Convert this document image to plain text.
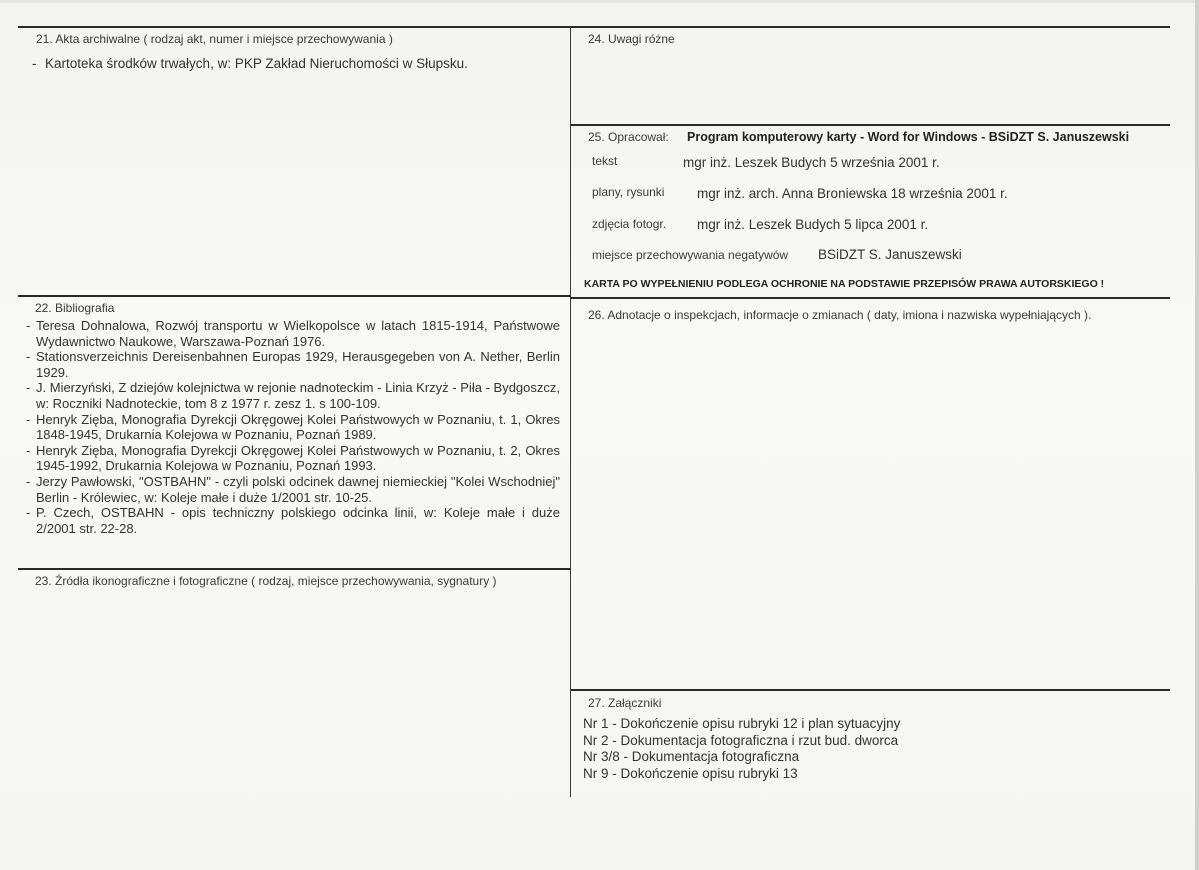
21. Akta archiwalne ( rodzaj akt, numer i miejsce przechowywania )
- Kartoteka środków trwałych, w: PKP Zakład Nieruchomości w Słupsku.
22. Bibliografia
- Teresa Dohnalowa, Rozwój transportu w Wielkopolsce w latach 1815-1914, Państwowe Wydawnictwo Naukowe, Warszawa-Poznań 1976.
- Stationsverzeichnis Dereisenbahnen Europas 1929, Herausgegeben von A. Nether, Berlin 1929.
- J. Mierzyński, Z dziejów kolejnictwa w rejonie nadnoteckim - Linia Krzyż - Piła - Bydgoszcz, w: Roczniki Nadnoteckie, tom 8 z 1977 r. zesz 1. s 100-109.
- Henryk Zięba, Monografia Dyrekcji Okręgowej Kolei Państwowych w Poznaniu, t. 1, Okres 1848-1945, Drukarnia Kolejowa w Poznaniu, Poznań 1989.
- Henryk Zięba, Monografia Dyrekcji Okręgowej Kolei Państwowych w Poznaniu, t. 2, Okres 1945-1992, Drukarnia Kolejowa w Poznaniu, Poznań 1993.
- Jerzy Pawłowski, "OSTBAHN" - czyli polski odcinek dawnej niemieckiej "Kolei Wschodniej" Berlin - Królewiec, w: Koleje małe i duże 1/2001 str. 10-25.
- P. Czech, OSTBAHN - opis techniczny polskiego odcinka linii, w: Koleje małe i duże 2/2001 str. 22-28.
23. Źródła ikonograficzne i fotograficzne ( rodzaj, miejsce przechowywania, sygnatury )
24. Uwagi różne
25. Opracował: Program komputerowy karty - Word for Windows - BSiDZT S. Januszewski
tekst	mgr inż. Leszek Budych 5 września 2001 r.
plany, rysunki mgr inż. arch. Anna Broniewska 18 września 2001 r.
zdjęcia fotogr. mgr inż. Leszek Budych 5 lipca 2001 r.
miejsce przechowywania negatywów BSiDZT S. Januszewski
KARTA PO WYPEŁNIENIU PODLEGA OCHRONIE NA PODSTAWIE PRZEPISÓW PRAWA AUTORSKIEGO !
26. Adnotacje o inspekcjach, informacje o zmianach ( daty, imiona i nazwiska wypełniających ).
27. Załączniki
Nr 1 - Dokończenie opisu rubryki 12 i plan sytuacyjny
Nr 2 - Dokumentacja fotograficzna i rzut bud. dworca
Nr 3/8 - Dokumentacja fotograficzna
Nr 9 - Dokończenie opisu rubryki 13
